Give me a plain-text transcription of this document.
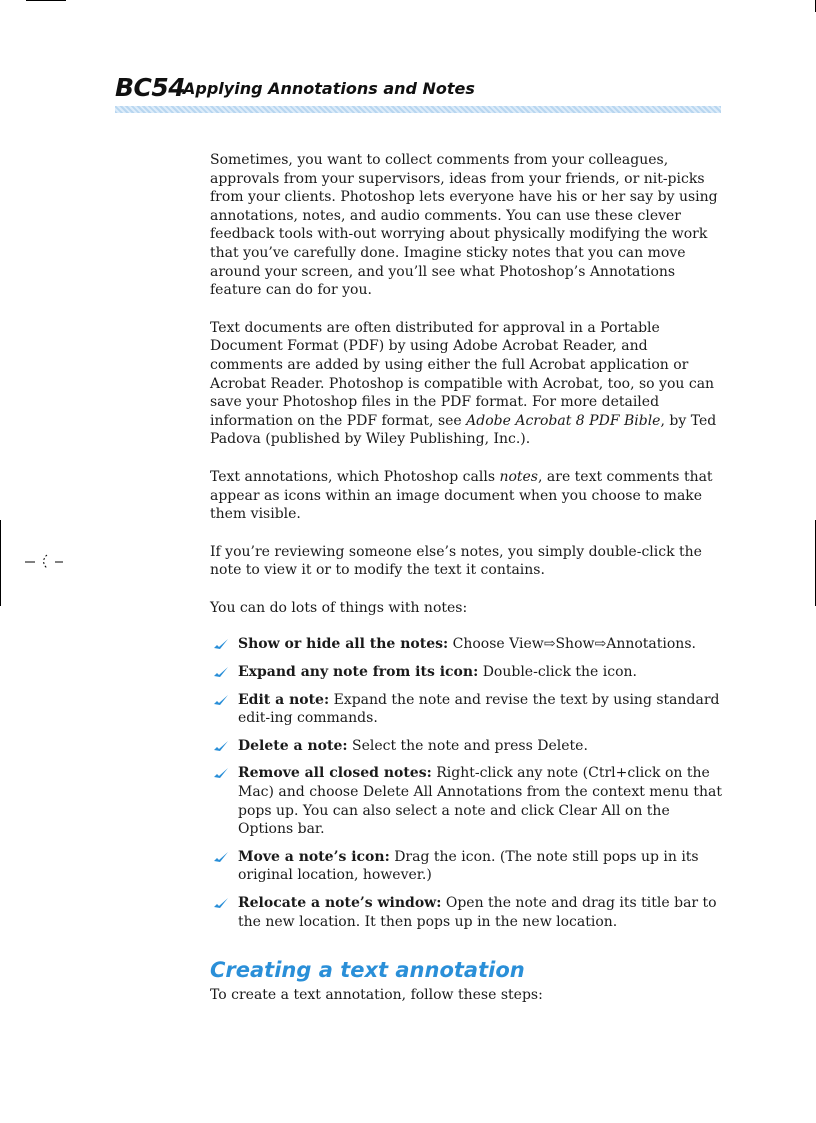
BC54
Applying Annotations and Notes

Sometimes, you want to collect comments from your colleagues, approvals from your supervisors, ideas from your friends, or nit-picks from your clients. Photoshop lets everyone have his or her say by using annotations, notes, and audio comments. You can use these clever feedback tools with-out worrying about physically modifying the work that you’ve carefully done. Imagine sticky notes that you can move around your screen, and you’ll see what Photoshop’s Annotations feature can do for you.

Text documents are often distributed for approval in a Portable Document Format (PDF) by using Adobe Acrobat Reader, and comments are added by using either the full Acrobat application or Acrobat Reader. Photoshop is compatible with Acrobat, too, so you can save your Photoshop files in the PDF format. For more detailed information on the PDF format, see Adobe Acrobat 8 PDF Bible, by Ted Padova (published by Wiley Publishing, Inc.).

Text annotations, which Photoshop calls notes, are text comments that appear as icons within an image document when you choose to make them visible.

If you’re reviewing someone else’s notes, you simply double-click the note to view it or to modify the text it contains.

You can do lots of things with notes:

Show or hide all the notes: Choose View⇨Show⇨Annotations.
Expand any note from its icon: Double-click the icon.
Edit a note: Expand the note and revise the text by using standard edit-ing commands.
Delete a note: Select the note and press Delete.
Remove all closed notes: Right-click any note (Ctrl+click on the Mac) and choose Delete All Annotations from the context menu that pops up. You can also select a note and click Clear All on the Options bar.
Move a note’s icon: Drag the icon. (The note still pops up in its original location, however.)
Relocate a note’s window: Open the note and drag its title bar to the new location. It then pops up in the new location.
Creating a text annotation

To create a text annotation, follow these steps:
